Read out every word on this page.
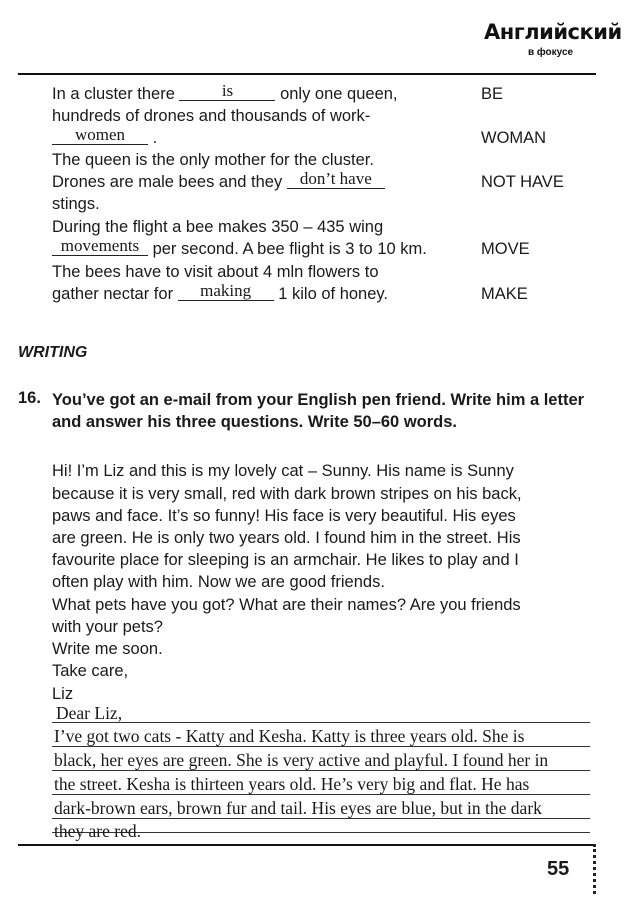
Английский
в фокусе
In a cluster there is	only one queen,	BE
hundreds of drones and thousands of work-
women .	WOMAN
The queen is the only mother for the cluster.
Drones are male bees and they don’t have	NOT HAVE
stings.
During the flight a bee makes 350 – 435 wing
movements per second. A bee flight is 3 to 10 km.	MOVE
The bees have to visit about 4 mln flowers to
gather nectar for making 1 kilo of honey.	MAKE
WRITING
16. You’ve got an e-mail from your English pen friend. Write him a letter and answer his three questions. Write 50–60 words.
Hi! I’m Liz and this is my lovely cat – Sunny. His name is Sunny
because it is very small, red with dark brown stripes on his back,
paws and face. It’s so funny! His face is very beautiful. His eyes
are green. He is only two years old. I found him in the street. His
favourite place for sleeping is an armchair. He likes to play and I
often play with him. Now we are good friends.
What pets have you got? What are their names? Are you friends
with your pets?
Write me soon.
Take care,
Liz
Dear Liz,
I’ve got two cats - Katty and Kesha. Katty is three years old. She is
black, her eyes are green. She is very active and playful. I found her in
the street. Kesha is thirteen years old. He’s very big and flat. He has
dark-brown ears, brown fur and tail. His eyes are blue, but in the dark
they are red.
55
